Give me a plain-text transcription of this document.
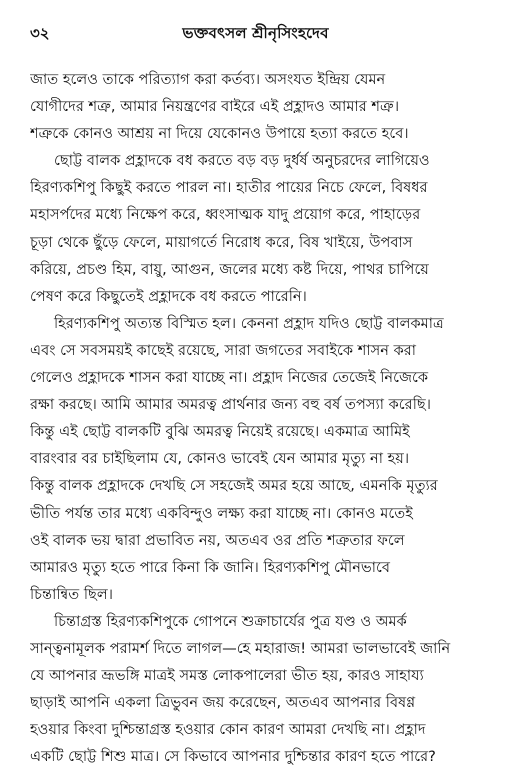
৩২	ভক্তবৎসল শ্রীনৃসিংহদেব
জাত হলেও তাকে পরিত্যাগ করা কর্তব্য। অসংযত ইন্দ্রিয় যেমন
যোগীদের শত্রু, আমার নিয়ন্ত্রণের বাইরে এই প্রহ্লাদও আমার শত্রু।
শত্রুকে কোনও আশ্রয় না দিয়ে যেকোনও উপায়ে হত্যা করতে হবে।
ছোট্ট বালক প্রহ্লাদকে বধ করতে বড় বড় দুর্ধর্ষ অনুচরদের লাগিয়েও
হিরণ্যকশিপু কিছুই করতে পারল না। হাতীর পায়ের নিচে ফেলে, বিষধর
মহাসর্পদের মধ্যে নিক্ষেপ করে, ধ্বংসাত্মক যাদু প্রয়োগ করে, পাহাড়ের
চূড়া থেকে ছুঁড়ে ফেলে, মায়াগর্তে নিরোধ করে, বিষ খাইয়ে, উপবাস
করিয়ে, প্রচণ্ড হিম, বায়ু, আগুন, জলের মধ্যে কষ্ট দিয়ে, পাথর চাপিয়ে
পেষণ করে কিছুতেই প্রহ্লাদকে বধ করতে পারেনি।
হিরণ্যকশিপু অত্যন্ত বিস্মিত হল। কেননা প্রহ্লাদ যদিও ছোট্ট বালকমাত্র
এবং সে সবসময়ই কাছেই রয়েছে, সারা জগতের সবাইকে শাসন করা
গেলেও প্রহ্লাদকে শাসন করা যাচ্ছে না। প্রহ্লাদ নিজের তেজেই নিজেকে
রক্ষা করছে। আমি আমার অমরত্ব প্রার্থনার জন্য বহু বর্ষ তপস্যা করেছি।
কিন্তু এই ছোট্ট বালকটি বুঝি অমরত্ব নিয়েই রয়েছে। একমাত্র আমিই
বারংবার বর চাইছিলাম যে, কোনও ভাবেই যেন আমার মৃত্যু না হয়।
কিন্তু বালক প্রহ্লাদকে দেখছি সে সহজেই অমর হয়ে আছে, এমনকি মৃত্যুর
ভীতি পর্যন্ত তার মধ্যে একবিন্দুও লক্ষ্য করা যাচ্ছে না। কোনও মতেই
ওই বালক ভয় দ্বারা প্রভাবিত নয়, অতএব ওর প্রতি শত্রুতার ফলে
আমারও মৃত্যু হতে পারে কিনা কি জানি। হিরণ্যকশিপু মৌনভাবে
চিন্তান্বিত ছিল।
চিন্তাগ্রস্ত হিরণ্যকশিপুকে গোপনে শুক্রাচার্যের পুত্র যণ্ড ও অমর্ক
সান্ত্বনামূলক পরামর্শ দিতে লাগল—হে মহারাজ! আমরা ভালভাবেই জানি
যে আপনার ভ্রূভঙ্গি মাত্রই সমস্ত লোকপালেরা ভীত হয়, কারও সাহায্য
ছাড়াই আপনি একলা ত্রিভুবন জয় করেছেন, অতএব আপনার বিষণ্ণ
হওয়ার কিংবা দুশ্চিন্তাগ্রস্ত হওয়ার কোন কারণ আমরা দেখছি না। প্রহ্লাদ
একটি ছোট্ট শিশু মাত্র। সে কিভাবে আপনার দুশ্চিন্তার কারণ হতে পারে?
